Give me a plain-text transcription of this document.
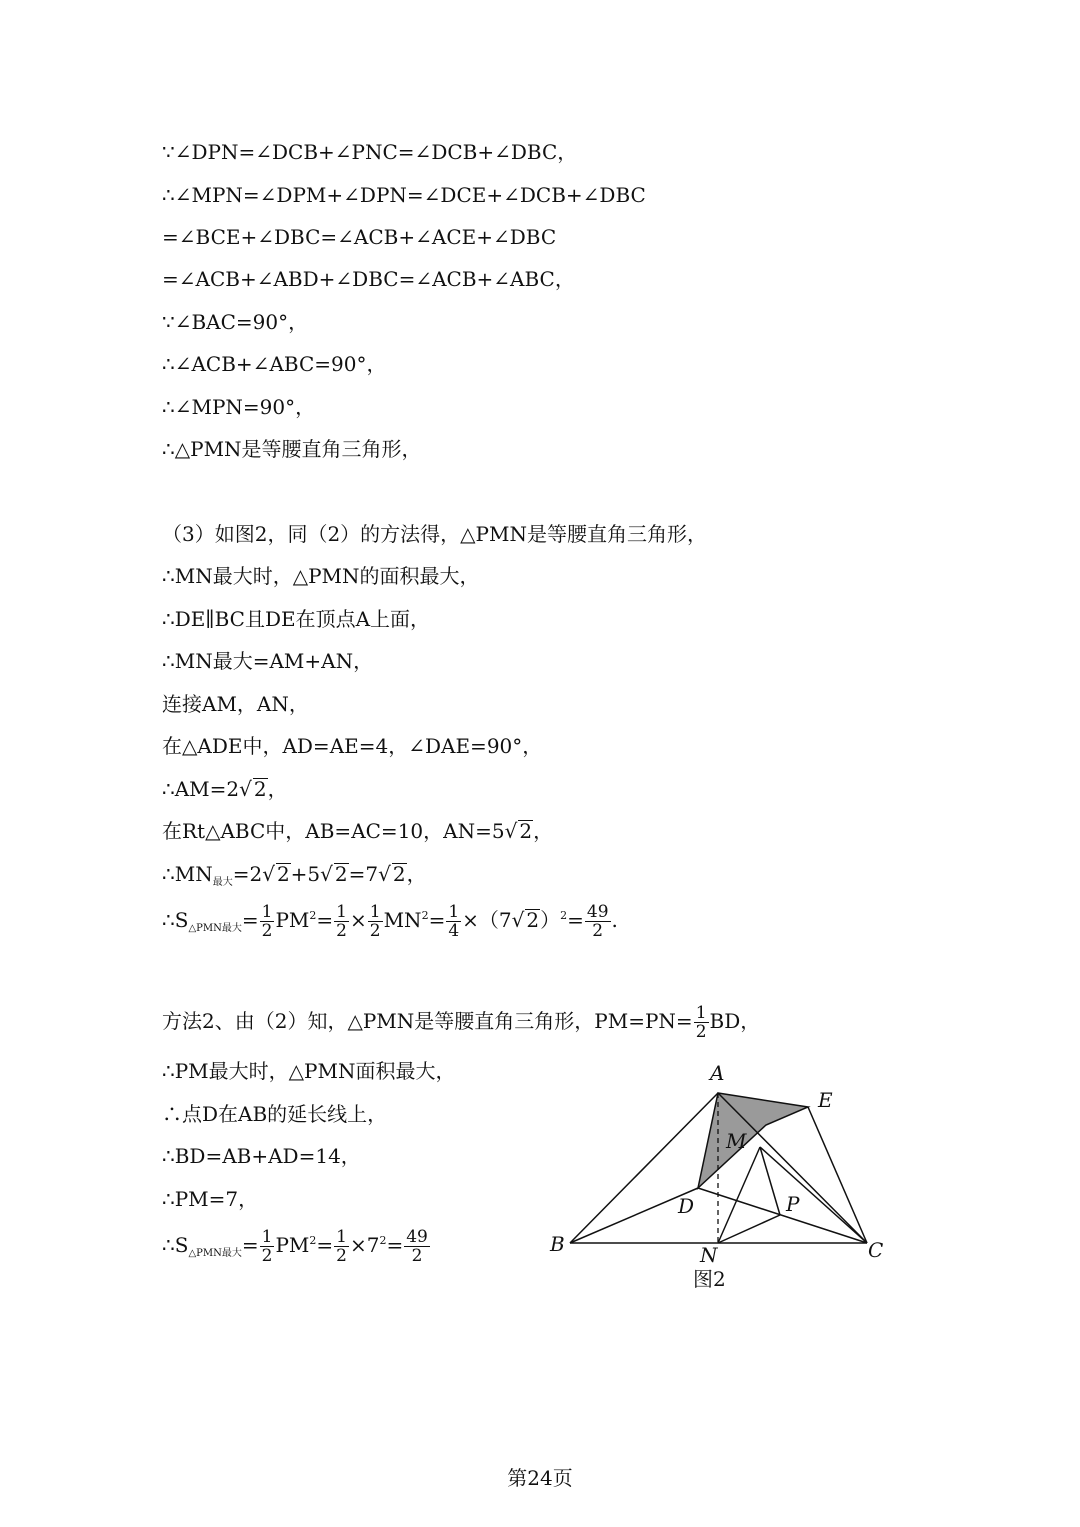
∵∠DPN=∠DCB+∠PNC=∠DCB+∠DBC，
∴∠MPN=∠DPM+∠DPN=∠DCE+∠DCB+∠DBC
=∠BCE+∠DBC=∠ACB+∠ACE+∠DBC
=∠ACB+∠ABD+∠DBC=∠ACB+∠ABC，
∵∠BAC=90°，
∴∠ACB+∠ABC=90°，
∴∠MPN=90°，
∴△PMN是等腰直角三角形，
（3）如图2，同（2）的方法得，△PMN是等腰直角三角形，
∴MN最大时，△PMN的面积最大，
∴DE∥BC且DE在顶点A上面，
∴MN最大=AM+AN，
连接AM，AN，
在△ADE中，AD=AE=4，∠DAE=90°，
∴AM=2√ 2，
在Rt△ABC中，AB=AC=10，AN=5√ 2，
$\therefore MN_{最大}=2√$ 2+5√ 2=7√ 2，
$\therefore S_{\triangle PMN最大}= \frac{1}{2} PM^2= \frac{1}{2} \times \frac{1}{2} MN^2= \frac{1}{4} \times(7√$ $2)^2= \frac{49}{2}$ .
方法2、由（2）知，△PMN是等腰直角三角形，$PM=PN= \frac{1}{2}$ BD，
∴PM最大时，△PMN面积最大，
∴点D在AB的延长线上，
∴BD=AB+AD=14，
∴PM=7，
$\therefore S_{\triangle PMN最大}= \frac{1}{2} PM^2= \frac{1}{2} \times 7^2= \frac{49}{2}$
A
E
M
D	P
B	C
N
图2
第24页
